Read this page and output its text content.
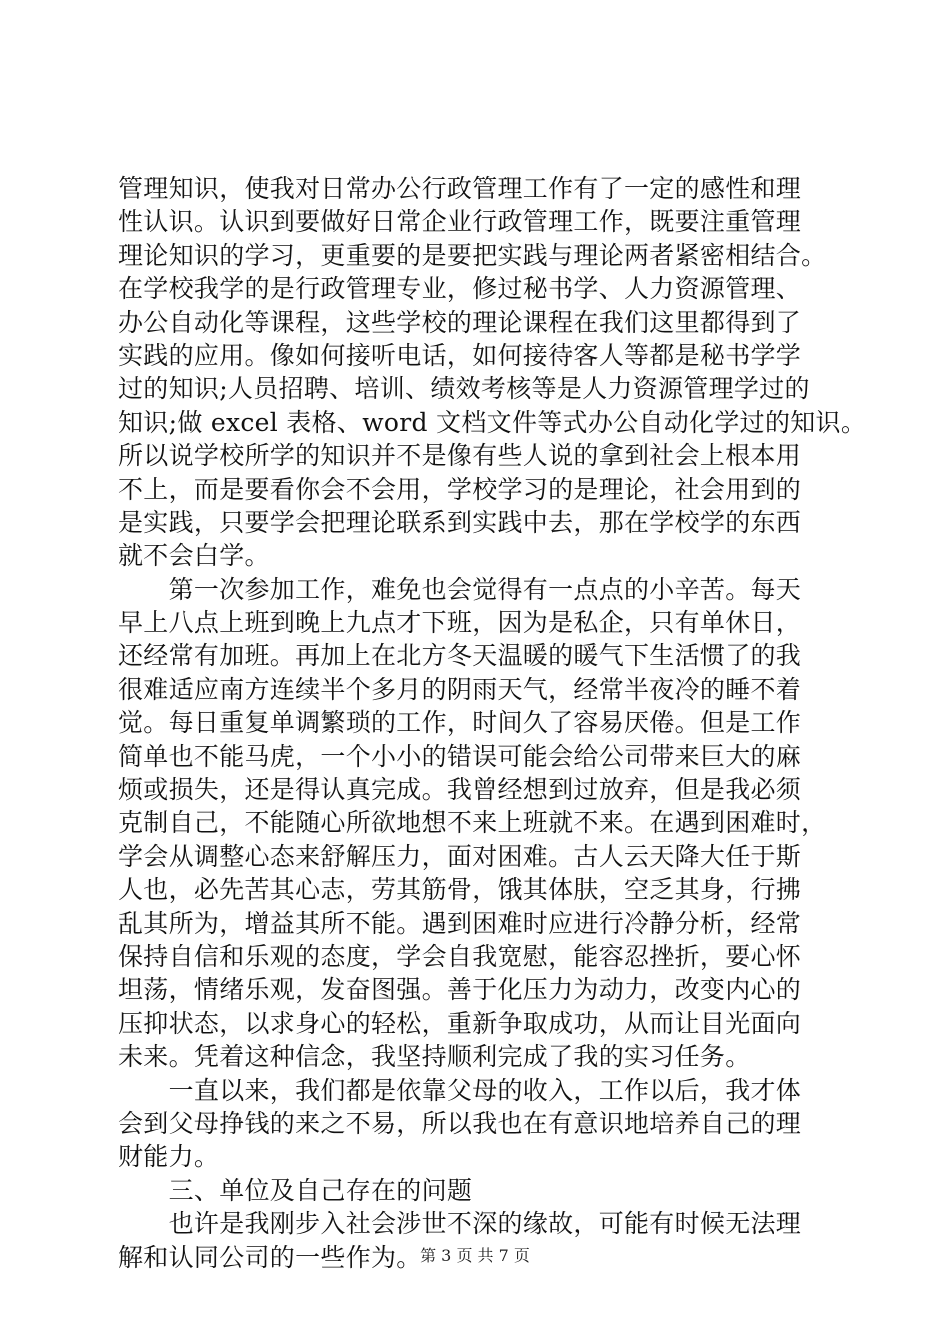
管理知识，使我对日常办公行政管理工作有了一定的感性和理
性认识。认识到要做好日常企业行政管理工作，既要注重管理
理论知识的学习，更重要的是要把实践与理论两者紧密相结合。
在学校我学的是行政管理专业，修过秘书学、人力资源管理、
办公自动化等课程，这些学校的理论课程在我们这里都得到了
实践的应用。像如何接听电话，如何接待客人等都是秘书学学
过的知识;人员招聘、培训、绩效考核等是人力资源管理学过的
知识;做 excel 表格、word 文档文件等式办公自动化学过的知识。
所以说学校所学的知识并不是像有些人说的拿到社会上根本用
不上，而是要看你会不会用，学校学习的是理论，社会用到的
是实践，只要学会把理论联系到实践中去，那在学校学的东西
就不会白学。
　　第一次参加工作，难免也会觉得有一点点的小辛苦。每天
早上八点上班到晚上九点才下班，因为是私企，只有单休日，
还经常有加班。再加上在北方冬天温暖的暖气下生活惯了的我
很难适应南方连续半个多月的阴雨天气，经常半夜冷的睡不着
觉。每日重复单调繁琐的工作，时间久了容易厌倦。但是工作
简单也不能马虎，一个小小的错误可能会给公司带来巨大的麻
烦或损失，还是得认真完成。我曾经想到过放弃，但是我必须
克制自己，不能随心所欲地想不来上班就不来。在遇到困难时，
学会从调整心态来舒解压力，面对困难。古人云天降大任于斯
人也，必先苦其心志，劳其筋骨，饿其体肤，空乏其身，行拂
乱其所为，增益其所不能。遇到困难时应进行冷静分析，经常
保持自信和乐观的态度，学会自我宽慰，能容忍挫折，要心怀
坦荡，情绪乐观，发奋图强。善于化压力为动力，改变内心的
压抑状态，以求身心的轻松，重新争取成功，从而让目光面向
未来。凭着这种信念，我坚持顺利完成了我的实习任务。
　　一直以来，我们都是依靠父母的收入，工作以后，我才体
会到父母挣钱的来之不易，所以我也在有意识地培养自己的理
财能力。
　　三、单位及自己存在的问题
　　也许是我刚步入社会涉世不深的缘故，可能有时候无法理
解和认同公司的一些作为。
第 3 页 共 7 页
